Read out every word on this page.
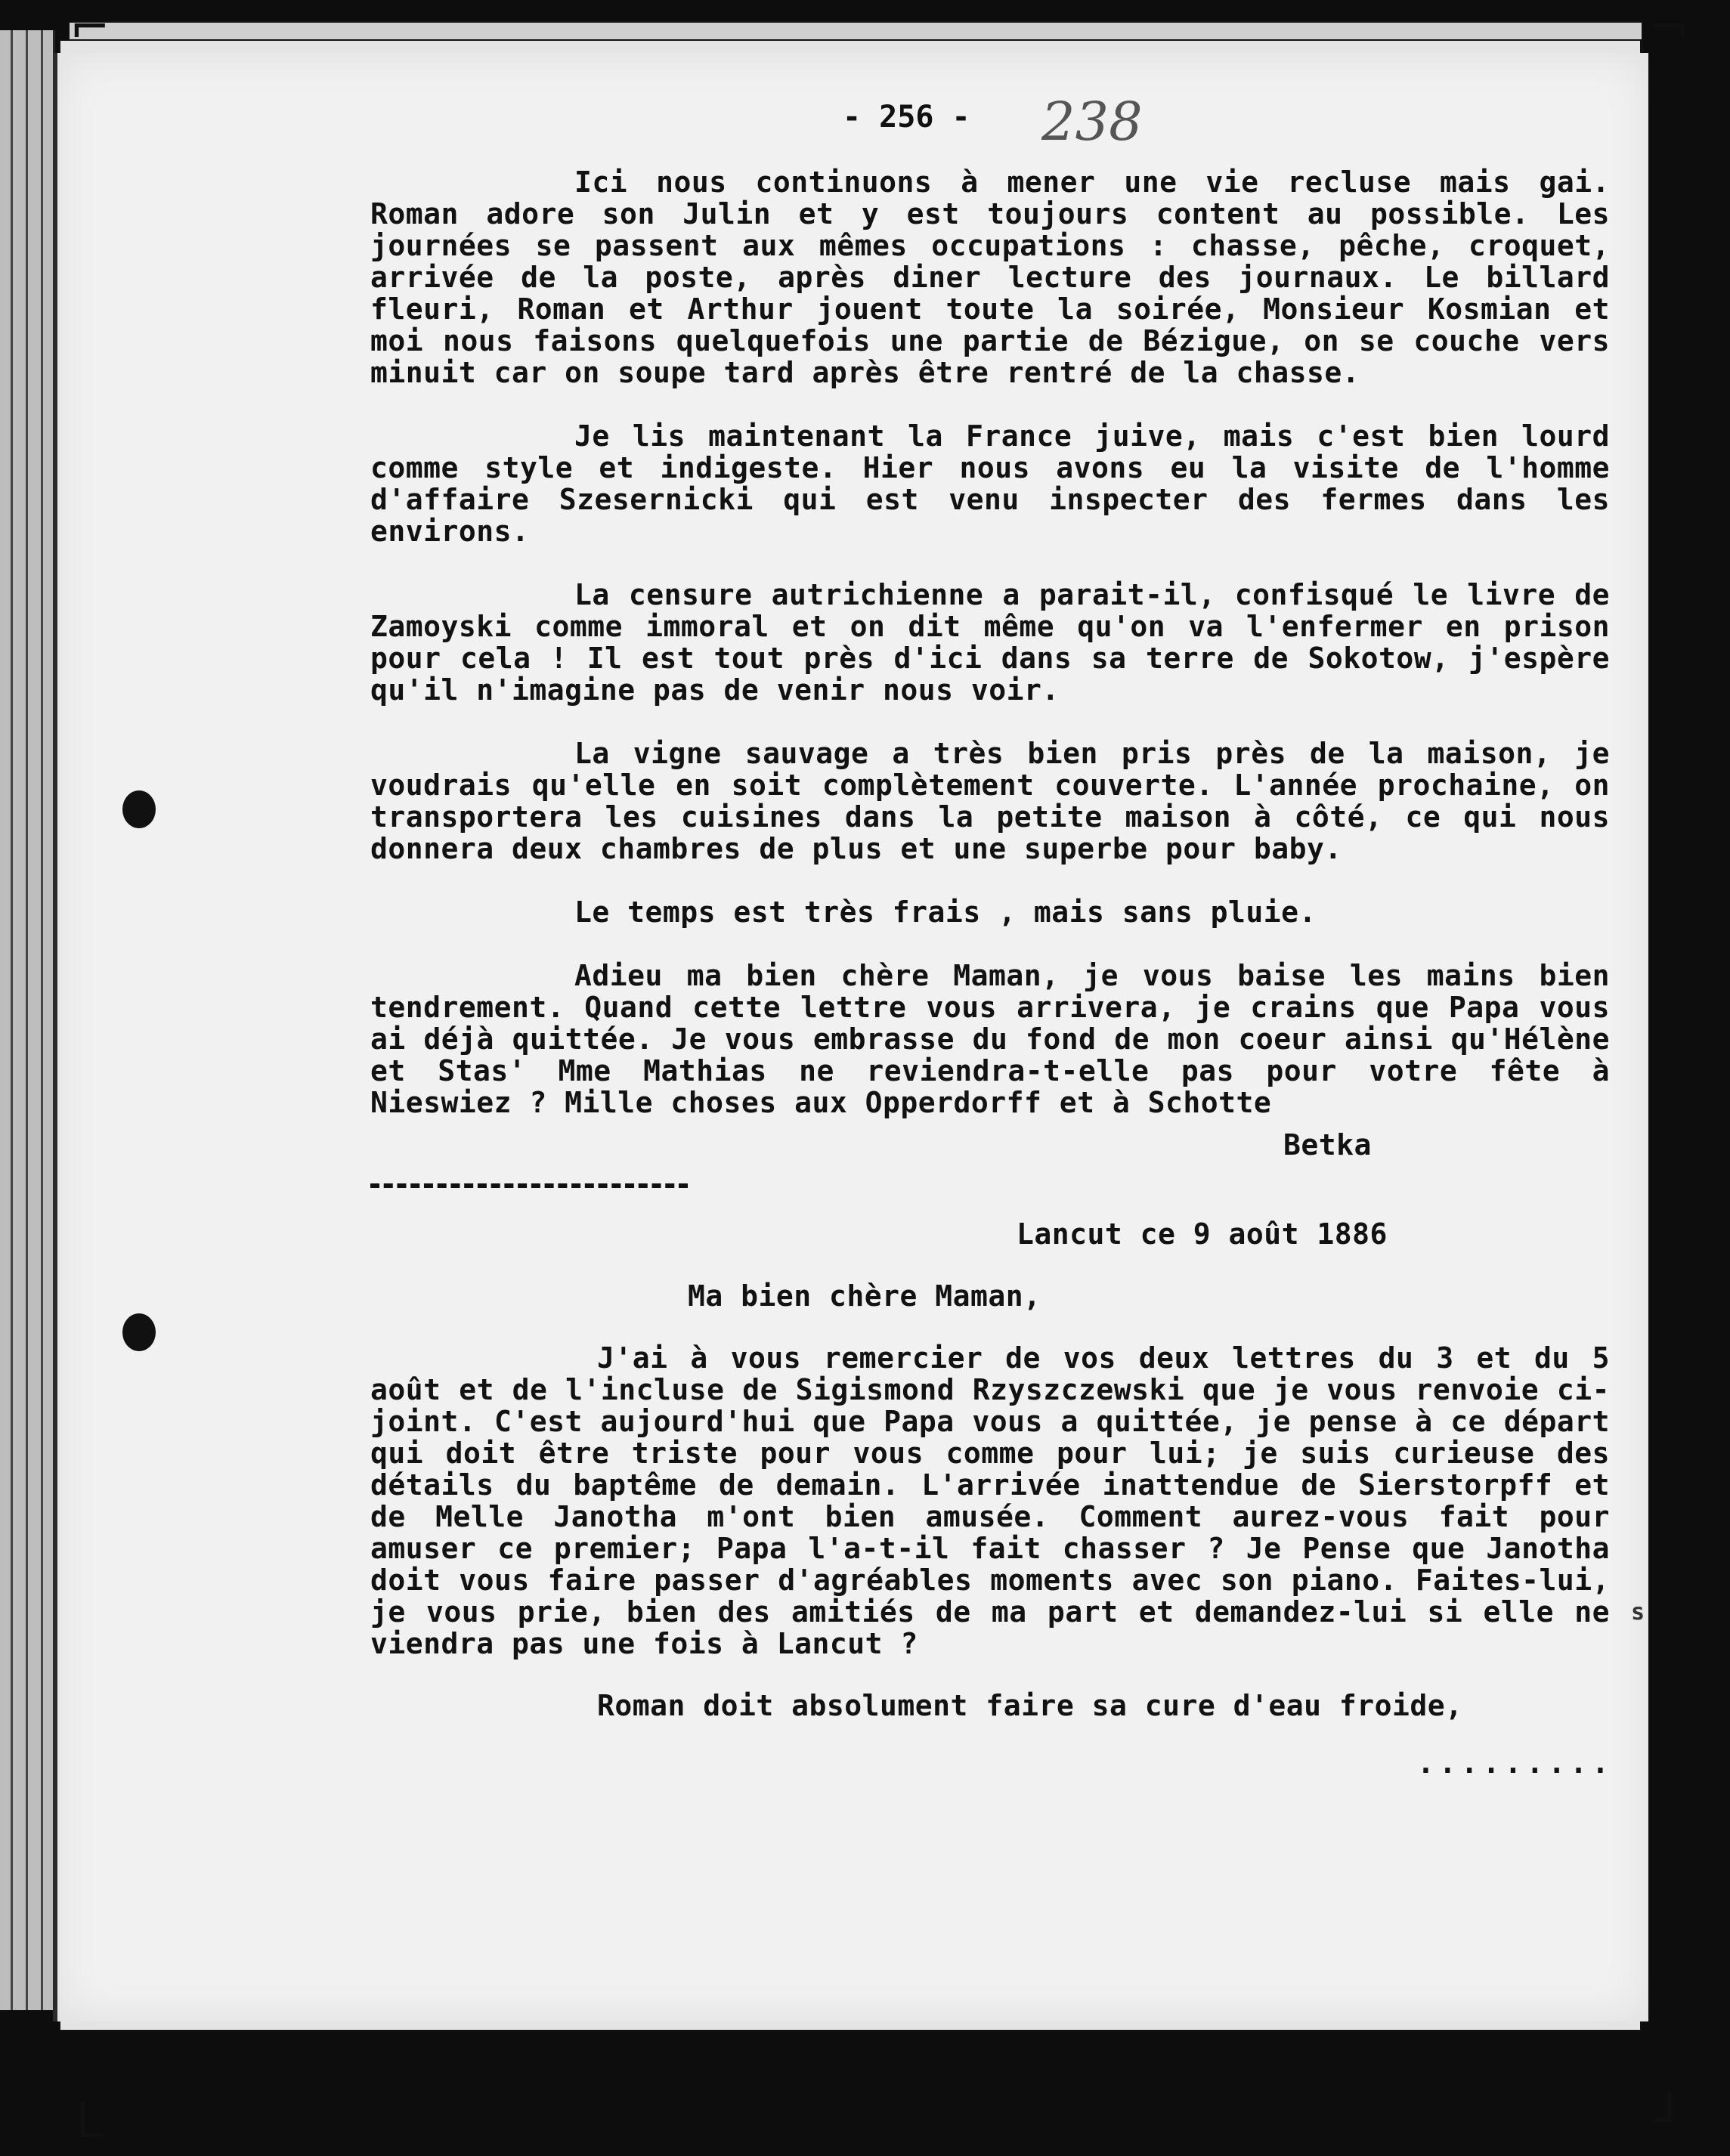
⌐	¬
L	┘
- 256 - 238

Ici nous continuons à mener une vie recluse mais gai. Roman adore son Julin et y est toujours content au possible. Les journées se passent aux mêmes occupations : chasse, pêche, croquet, arrivée de la poste, après diner lecture des journaux. Le billard fleuri, Roman et Arthur jouent toute la soirée, Monsieur Kosmian et moi nous faisons quelquefois une partie de Bézigue, on se couche vers minuit car on soupe tard après être rentré de la chasse.

Je lis maintenant la France juive, mais c'est bien lourd comme style et indigeste. Hier nous avons eu la visite de l'homme d'affaire Szesernicki qui est venu inspecter des fermes dans les environs.

La censure autrichienne a parait-il, confisqué le livre de Zamoyski comme immoral et on dit même qu'on va l'enfermer en prison pour cela ! Il est tout près d'ici dans sa terre de Sokotow, j'espère qu'il n'imagine pas de venir nous voir.

La vigne sauvage a très bien pris près de la maison, je voudrais qu'elle en soit complètement couverte. L'année prochaine, on transportera les cuisines dans la petite maison à côté, ce qui nous donnera deux chambres de plus et une superbe pour baby.

Le temps est très frais , mais sans pluie.

Adieu ma bien chère Maman, je vous baise les mains bien tendrement. Quand cette lettre vous arrivera, je crains que Papa vous ai déjà quittée. Je vous embrasse du fond de mon coeur ainsi qu'Hélène et Stas' Mme Mathias ne reviendra-t-elle pas pour votre fête à Nieswiez ? Mille choses aux Opperdorff et à Schotte

Betka
Lancut ce 9 août 1886
Ma bien chère Maman,

J'ai à vous remercier de vos deux lettres du 3 et du 5 août et de l'incluse de Sigismond Rzyszczewski que je vous renvoie ci-joint. C'est aujourd'hui que Papa vous a quittée, je pense à ce départ qui doit être triste pour vous comme pour lui; je suis curieuse des détails du baptême de demain. L'arrivée inattendue de Sierstorpff et de Melle Janotha m'ont bien amusée. Comment aurez-vous fait pour amuser ce premier; Papa l'a-t-il fait chasser ? Je Pense que Janotha doit vous faire passer d'agréables moments avec son piano. Faites-lui, je vous prie, bien des amitiés de ma part et demandez-lui si elle ne viendra pas une fois à Lancut ?

Roman doit absolument faire sa cure d'eau froide,
.........
s
